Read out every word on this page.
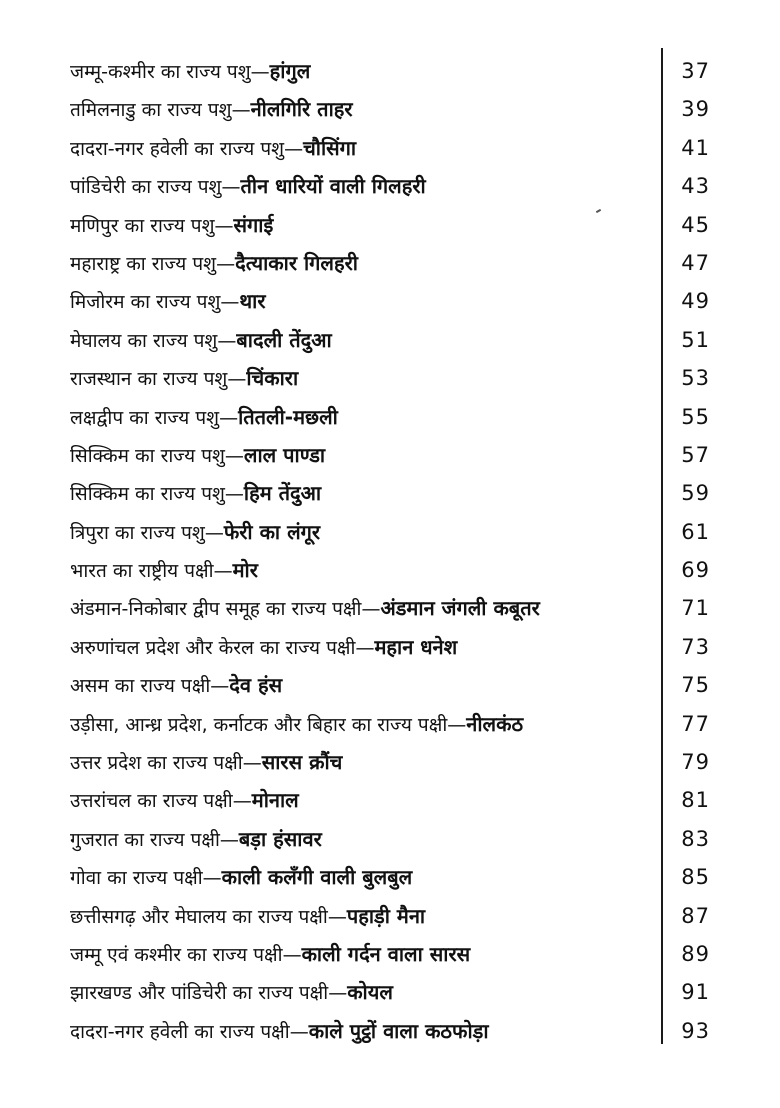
जम्मू-कश्मीर का राज्य पशु—हांगुल	37
तमिलनाडु का राज्य पशु—नीलगिरि ताहर	39
दादरा-नगर हवेली का राज्य पशु—चौसिंगा	41
पांडिचेरी का राज्य पशु—तीन धारियों वाली गिलहरी	43
मणिपुर का राज्य पशु—संगाई	45
महाराष्ट्र का राज्य पशु—दैत्याकार गिलहरी	47
मिजोरम का राज्य पशु—थार	49
मेघालय का राज्य पशु—बादली तेंदुआ	51
राजस्थान का राज्य पशु—चिंकारा	53
लक्षद्वीप का राज्य पशु—तितली-मछली	55
सिक्किम का राज्य पशु—लाल पाण्डा	57
सिक्किम का राज्य पशु—हिम तेंदुआ	59
त्रिपुरा का राज्य पशु—फेरी का लंगूर	61
भारत का राष्ट्रीय पक्षी—मोर	69
अंडमान-निकोबार द्वीप समूह का राज्य पक्षी—अंडमान जंगली कबूतर	71
अरुणांचल प्रदेश और केरल का राज्य पक्षी—महान धनेश	73
असम का राज्य पक्षी—देव हंस	75
उड़ीसा, आन्ध्र प्रदेश, कर्नाटक और बिहार का राज्य पक्षी—नीलकंठ	77
उत्तर प्रदेश का राज्य पक्षी—सारस क्रौंच	79
उत्तरांचल का राज्य पक्षी—मोनाल	81
गुजरात का राज्य पक्षी—बड़ा हंसावर	83
गोवा का राज्य पक्षी—काली कलँगी वाली बुलबुल	85
छत्तीसगढ़ और मेघालय का राज्य पक्षी—पहाड़ी मैना	87
जम्मू एवं कश्मीर का राज्य पक्षी—काली गर्दन वाला सारस	89
झारखण्ड और पांडिचेरी का राज्य पक्षी—कोयल	91
दादरा-नगर हवेली का राज्य पक्षी—काले पुट्ठों वाला कठफोड़ा	93
